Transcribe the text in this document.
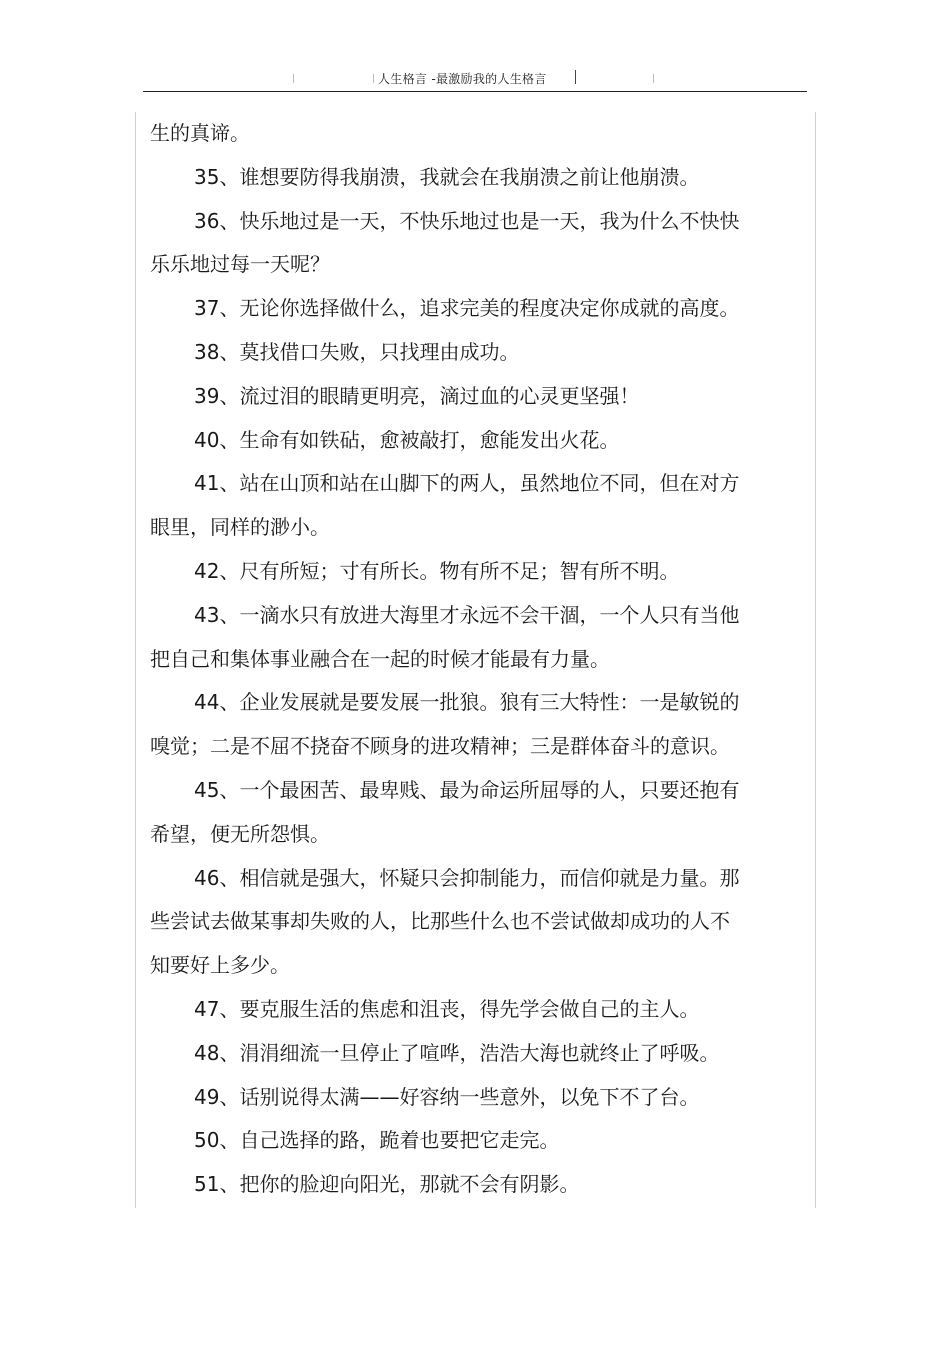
人生格言 -最激励我的人生格言
生的真谛。
35、谁想要防得我崩溃，我就会在我崩溃之前让他崩溃。
36、快乐地过是一天，不快乐地过也是一天，我为什么不快快
乐乐地过每一天呢？
37、无论你选择做什么，追求完美的程度决定你成就的高度。
38、莫找借口失败，只找理由成功。
39、流过泪的眼睛更明亮，滴过血的心灵更坚强！
40、生命有如铁砧，愈被敲打，愈能发出火花。
41、站在山顶和站在山脚下的两人，虽然地位不同，但在对方
眼里，同样的渺小。
42、尺有所短；寸有所长。物有所不足；智有所不明。
43、一滴水只有放进大海里才永远不会干涸，一个人只有当他
把自己和集体事业融合在一起的时候才能最有力量。
44、企业发展就是要发展一批狼。狼有三大特性：一是敏锐的
嗅觉；二是不屈不挠奋不顾身的进攻精神；三是群体奋斗的意识。
45、一个最困苦、最卑贱、最为命运所屈辱的人，只要还抱有
希望，便无所怨惧。
46、相信就是强大，怀疑只会抑制能力，而信仰就是力量。那
些尝试去做某事却失败的人，比那些什么也不尝试做却成功的人不
知要好上多少。
47、要克服生活的焦虑和沮丧，得先学会做自己的主人。
48、涓涓细流一旦停止了喧哗，浩浩大海也就终止了呼吸。
49、话别说得太满——好容纳一些意外，以免下不了台。
50、自己选择的路，跪着也要把它走完。
51、把你的脸迎向阳光，那就不会有阴影。
